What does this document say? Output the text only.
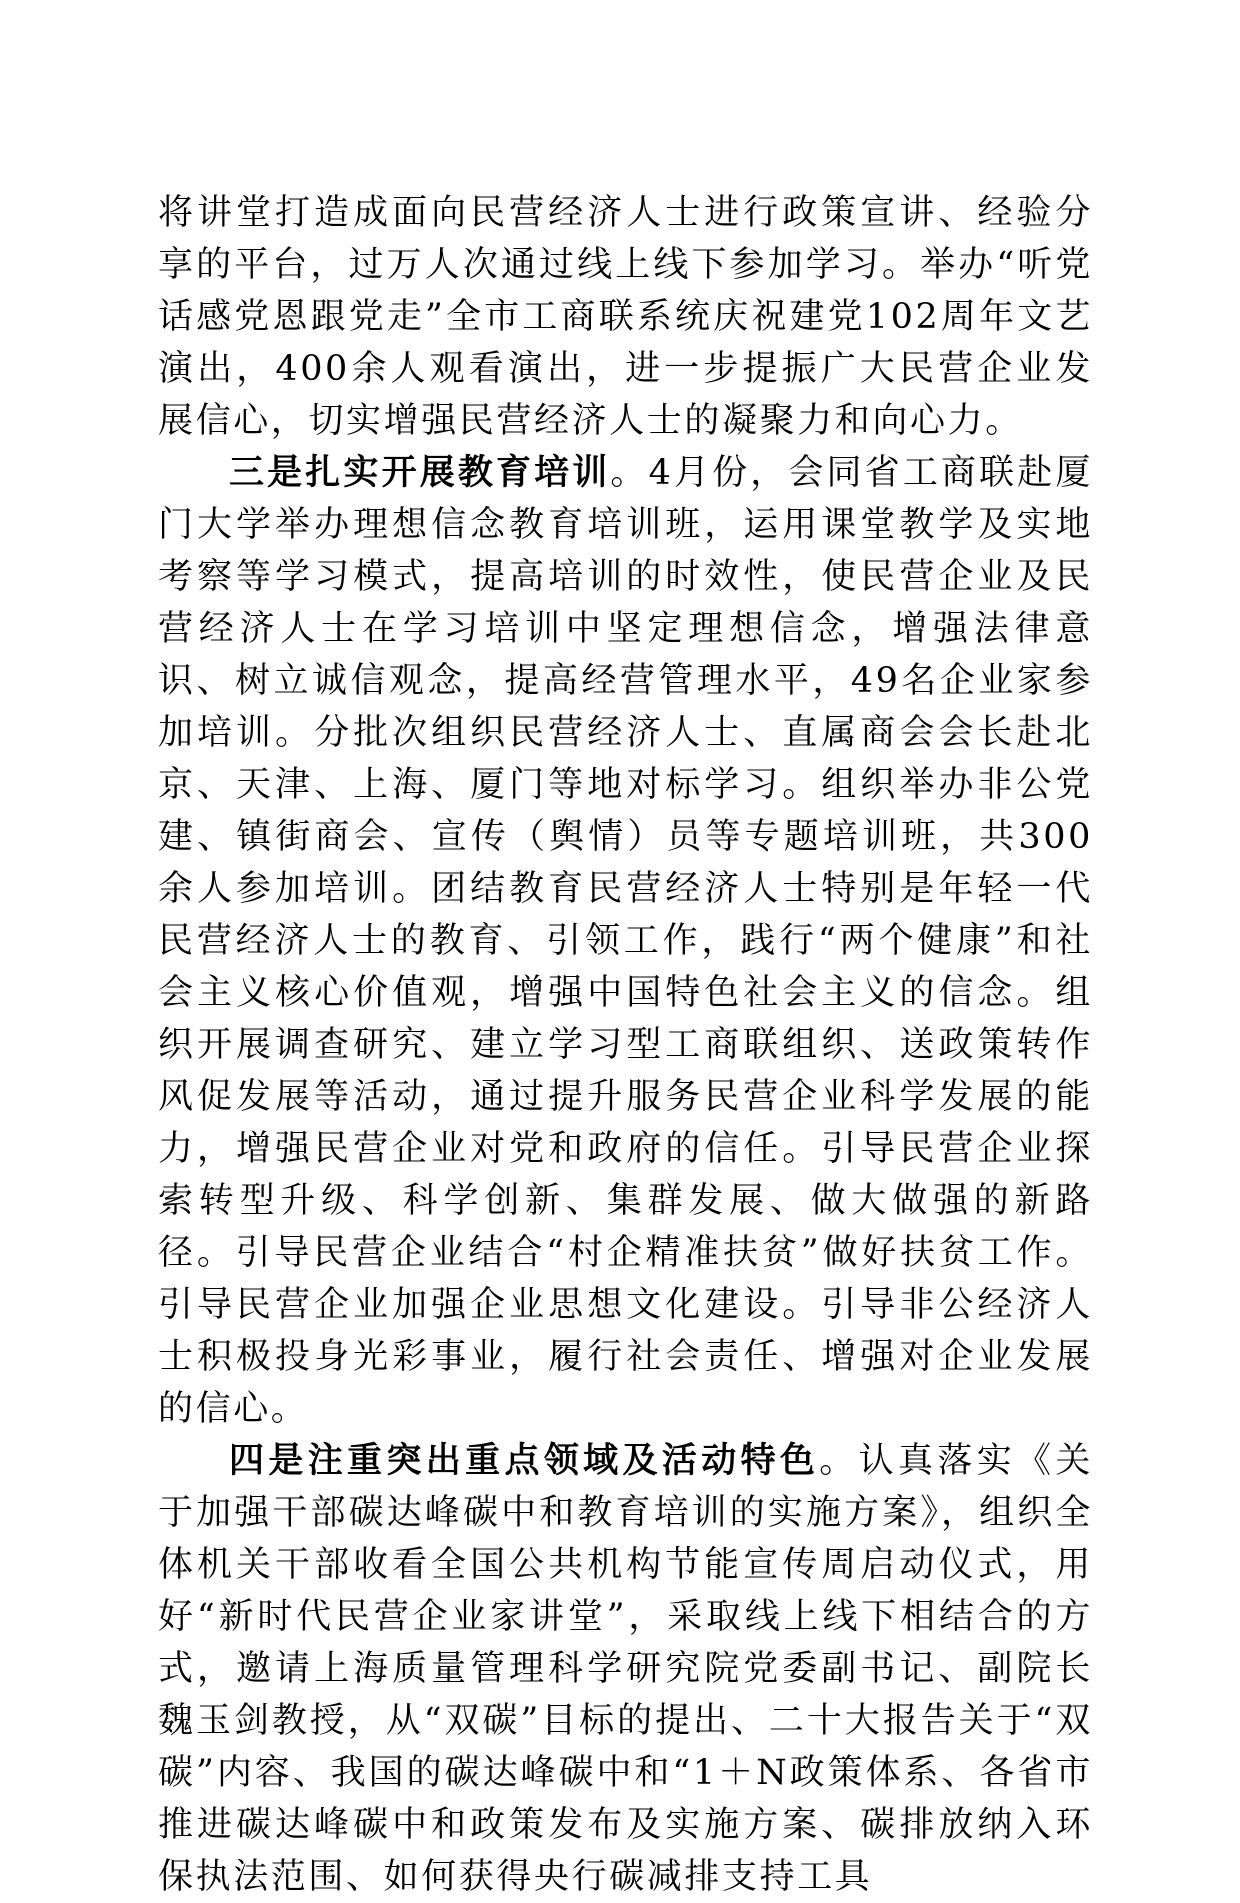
将讲堂打造成面向民营经济人士进行政策宣讲、经验分享的平台，过万人次通过线上线下参加学习。举办“听党话感党恩跟党走”全市工商联系统庆祝建党102周年文艺演出，400余人观看演出，进一步提振广大民营企业发展信心，切实增强民营经济人士的凝聚力和向心力。

三是扎实开展教育培训。4月份，会同省工商联赴厦门大学举办理想信念教育培训班，运用课堂教学及实地考察等学习模式，提高培训的时效性，使民营企业及民营经济人士在学习培训中坚定理想信念，增强法律意识、树立诚信观念，提高经营管理水平，49名企业家参加培训。分批次组织民营经济人士、直属商会会长赴北京、天津、上海、厦门等地对标学习。组织举办非公党建、镇街商会、宣传（舆情）员等专题培训班，共300余人参加培训。团结教育民营经济人士特别是年轻一代民营经济人士的教育、引领工作，践行“两个健康”和社会主义核心价值观，增强中国特色社会主义的信念。组织开展调查研究、建立学习型工商联组织、送政策转作风促发展等活动，通过提升服务民营企业科学发展的能力，增强民营企业对党和政府的信任。引导民营企业探索转型升级、科学创新、集群发展、做大做强的新路径。引导民营企业结合“村企精准扶贫”做好扶贫工作。引导民营企业加强企业思想文化建设。引导非公经济人士积极投身光彩事业，履行社会责任、增强对企业发展的信心。

四是注重突出重点领域及活动特色。认真落实《关于加强干部碳达峰碳中和教育培训的实施方案》，组织全体机关干部收看全国公共机构节能宣传周启动仪式，用好“新时代民营企业家讲堂”，采取线上线下相结合的方式，邀请上海质量管理科学研究院党委副书记、副院长魏玉剑教授，从“双碳”目标的提出、二十大报告关于“双碳”内容、我国的碳达峰碳中和“1＋N政策体系、各省市推进碳达峰碳中和政策发布及实施方案、碳排放纳入环保执法范围、如何获得央行碳减排支持工具
